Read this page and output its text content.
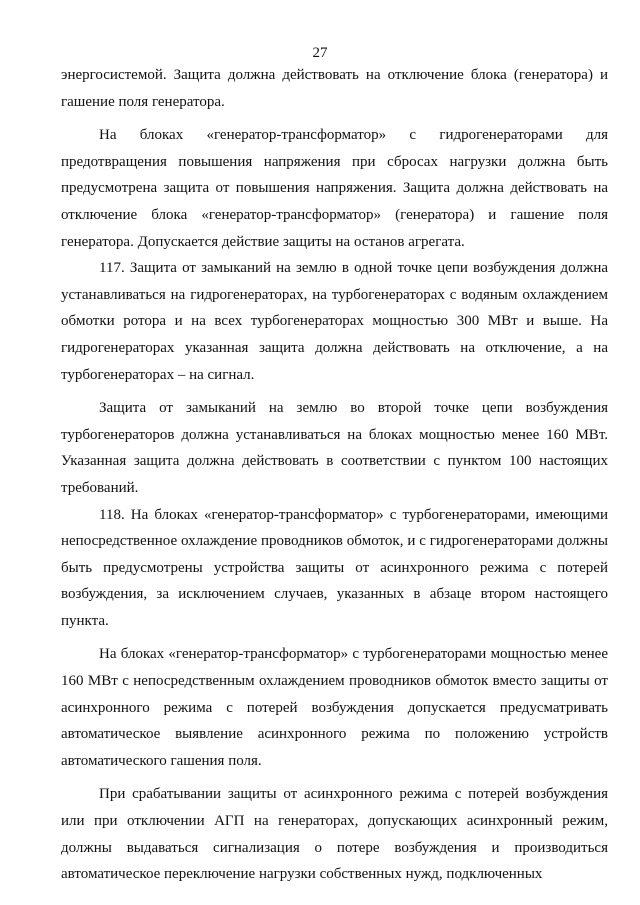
27

энергосистемой. Защита должна действовать на отключение блока (генератора) и гашение поля генератора.

На блоках «генератор-трансформатор» с гидрогенераторами для предотвращения повышения напряжения при сбросах нагрузки должна быть предусмотрена защита от повышения напряжения. Защита должна действовать на отключение блока «генератор-трансформатор» (генератора) и гашение поля генератора. Допускается действие защиты на останов агрегата.

117. Защита от замыканий на землю в одной точке цепи возбуждения должна устанавливаться на гидрогенераторах, на турбогенераторах с водяным охлаждением обмотки ротора и на всех турбогенераторах мощностью 300 МВт и выше. На гидрогенераторах указанная защита должна действовать на отключение, а на турбогенераторах – на сигнал.

Защита от замыканий на землю во второй точке цепи возбуждения турбогенераторов должна устанавливаться на блоках мощностью менее 160 МВт. Указанная защита должна действовать в соответствии с пунктом 100 настоящих требований.

118. На блоках «генератор-трансформатор» с турбогенераторами, имеющими непосредственное охлаждение проводников обмоток, и с гидрогенераторами должны быть предусмотрены устройства защиты от асинхронного режима с потерей возбуждения, за исключением случаев, указанных в абзаце втором настоящего пункта.

На блоках «генератор-трансформатор» с турбогенераторами мощностью менее 160 МВт с непосредственным охлаждением проводников обмоток вместо защиты от асинхронного режима с потерей возбуждения допускается предусматривать автоматическое выявление асинхронного режима по положению устройств автоматического гашения поля.

При срабатывании защиты от асинхронного режима с потерей возбуждения или при отключении АГП на генераторах, допускающих асинхронный режим, должны выдаваться сигнализация о потере возбуждения и производиться автоматическое переключение нагрузки собственных нужд, подключенных
